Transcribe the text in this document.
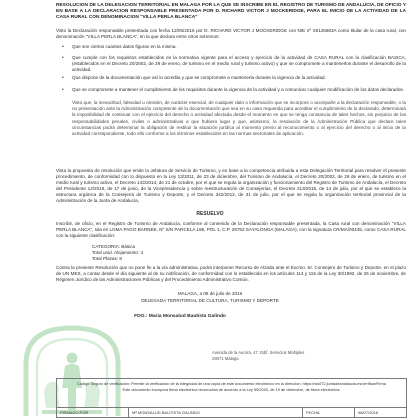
RESOLUCION DE LA DELEGACION TERRITORIAL EN MALAGA POR LA QUE SE INSCRIBE EN EL REGISTRO DE TURISMO DE ANDALUCIA, DE OFICIO Y EN BASE A LA DECLARACION RESPONSABLE PRESENTADA POR D. RICHARD VICTOR J MOCKERIDGE, PARA EL INICIO DE LA ACTIVIDAD DE LA CASA RURAL CON DENOMINACION "VILLA PERLA BLANCA"
Visto la Declaración responsable presentada con fecha 12/06/2016 por D. RICHARD VICTOR J MOCKERIDGE con NIE nº X8125583A como titular de la casa rural, con denominación "VILLA PERLA BLANCA", en la que declara entre otros extremos:
• Que son ciertos cuantos datos figuran en la misma.
• Que cumple con los requisitos establecidos en la normativa vigente para el acceso y ejercicio de la actividad de CASA RURAL con la clasificación BASICA, (establecidos en el Decreto 20/2002, de 29 de enero, de turismo en el medio rural y turismo activo) y que se compromete a mantenerlos durante el desarrollo de la actividad.
• Que dispone de la documentación que así lo acredita y que se compromete a mantenerla durante la vigencia de la actividad.
• Que se compromete a mantener el cumplimiento de los requisitos durante la vigencia de la actividad y a comunicar cualquier modificación de los datos declarados.
Visto que, la inexactitud, falsedad u omisión, de carácter esencial, de cualquier dato o información que se incorpore o acompañe a la declaración responsable, o la no presentación ante la Administración competente de la documentación que sea en su caso requerida para acreditar el cumplimiento de lo declarado, determinará la imposibilidad de continuar con el ejercicio del derecho o actividad afectada desde el momento en que se tenga constancia de tales hechos, sin perjuicio de las responsabilidades penales, civiles o administrativas a que hubiera lugar y que, asimismo, la resolución de la Administración Pública que declare tales circunstancias podrá determinar la obligación de restituir la situación jurídica al momento previo al reconocimiento o al ejercicio del derecho o al inicio de la actividad correspondiente, todo ello conforme a los términos establecidos en las normas sectoriales de aplicación.
Vista la propuesta de resolución que emite la Jefatura de Servicio de Turismo, y en base a la competencia atribuida a esta Delegación Territorial para resolver el presente procedimiento, de conformidad con lo dispuesto en la Ley 13/2011, de 23 de diciembre, del Turismo de Andalucía, el Decreto 20/2002, de 29 de enero, de turismo en el medio rural y turismo activo, el Decreto 143/2014, de 21 de octubre, por el que se regula la organización y funcionamiento del Registro de Turismo de Andalucía, el Decreto del Presidente 12/2015, de 17 de junio, de la Vicepresidencia y sobre reestructuración de Consejerías, el Decreto 213/2015, de 14 de julio, por el que se establece la estructura orgánica de la Consejería de Turismo y Deporte, y el Decreto 342/2012, de 31 de julio, por el que se regula la organización territorial provincial de la Administración de la Junta de Andalucía,
RESUELVO
Inscribir, de oficio, en el Registro de Turismo de Andalucía, conforme al contenido de la Declaración responsable presentada, la Casa rural con denominación "VILLA PERLA BLANCA", sita en LOMA PAGO BARNEE, Nº S/N PARCELA 185, POL 1, C.P. 29752 SAYALONGA (MALAGA), con la signatura CR/MA/00445, como CASA RURAL con la siguiente clasificación:
CATEGORIA: Básica
Total unid. Alojamiento: 4
Total Plazas: 8
Contra la presente Resolución que no pone fin a la vía administrativa, podrá interponer Recurso de Alzada ante el Excmo. Sr. Consejero de Turismo y Deporte, en el plazo de UN MES, a contar desde el día siguiente al de su notificación, de conformidad con lo establecido en los artículos 114 y 115 de la Ley 30/1992, de 26 de noviembre, de Régimen Jurídico de las Administraciones Públicas y del Procedimiento Administrativo Común.
MALAGA, a 08 de julio de 2016
DELEGADA TERRITORIAL DE CULTURA, TURISMO Y DEPORTE
FDO.: Maria Monsalud Bautista Galindo
Avenida de la Aurora, 47. Edif. Servicios Múltiples
29071 Málaga
Código Seguro de verificación: Permite la verificación de la integridad de una copia de este documento electrónico en la dirección: https://ws072.juntadeandalucia.es/verificarFirma
Este documento incorpora firma electrónica reconocida de acuerdo a la Ley 59/2003, de 19 de diciembre, de firma electrónica.
FIRMADO POR	Mª MONSALUD BAUTISTA GALINDO	FECHA	08/07/2016
